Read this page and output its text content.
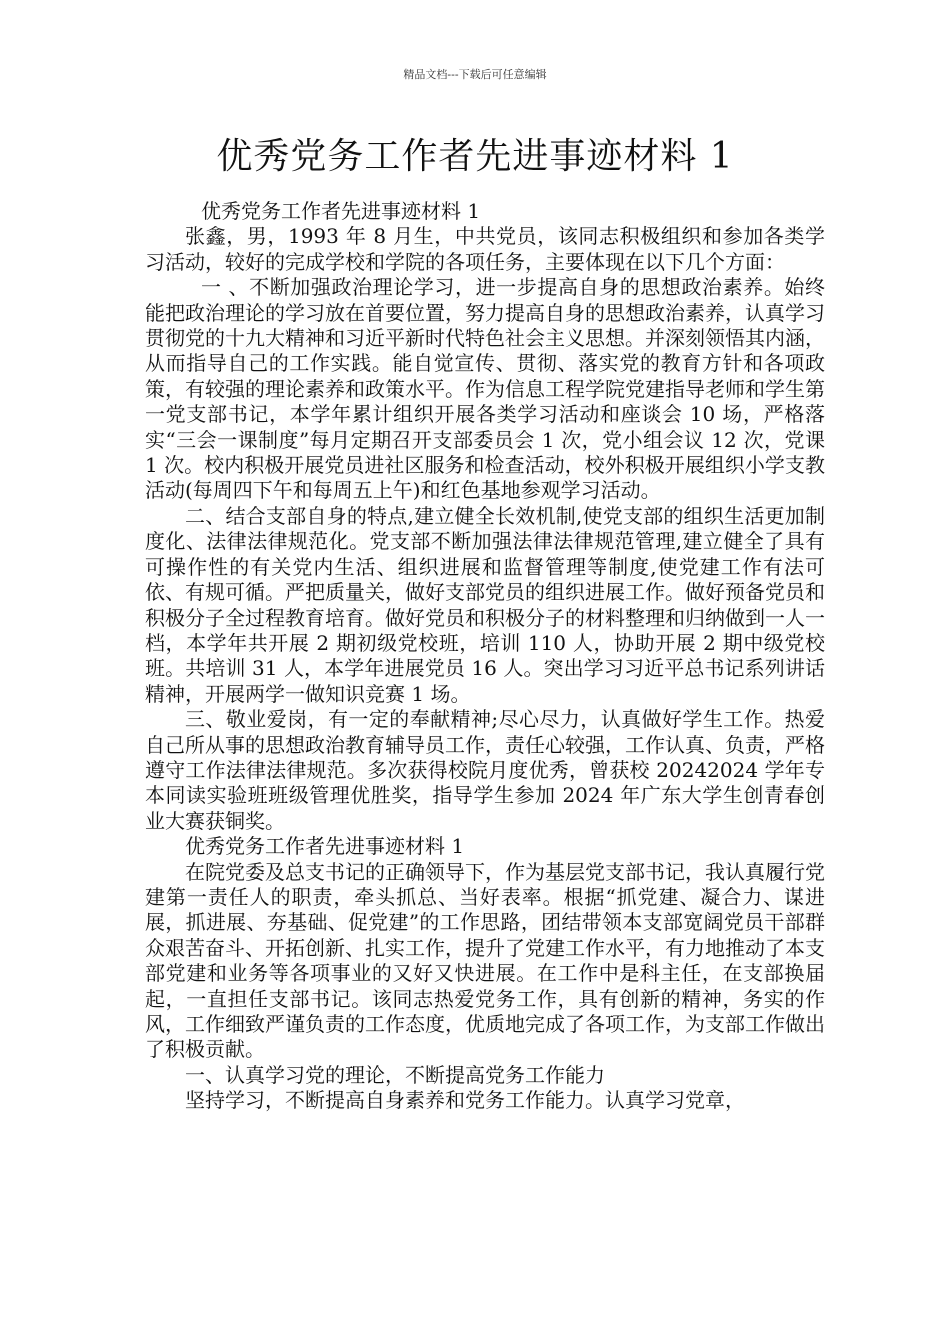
精品文档---下载后可任意编辑
优秀党务工作者先进事迹材料 1

优秀党务工作者先进事迹材料 1

张鑫，男，1993 年 8 月生，中共党员，该同志积极组织和参加各类学习活动，较好的完成学校和学院的各项任务，主要体现在以下几个方面：

一 、不断加强政治理论学习，进一步提高自身的思想政治素养。始终能把政治理论的学习放在首要位置，努力提高自身的思想政治素养，认真学习贯彻党的十九大精神和习近平新时代特色社会主义思想。并深刻领悟其内涵，从而指导自己的工作实践。能自觉宣传、贯彻、落实党的教育方针和各项政策，有较强的理论素养和政策水平。作为信息工程学院党建指导老师和学生第一党支部书记，本学年累计组织开展各类学习活动和座谈会 10 场，严格落实“三会一课制度”每月定期召开支部委员会 1 次，党小组会议 12 次，党课 1 次。校内积极开展党员进社区服务和检查活动，校外积极开展组织小学支教活动(每周四下午和每周五上午)和红色基地参观学习活动。

二、结合支部自身的特点,建立健全长效机制,使党支部的组织生活更加制度化、法律法律规范化。党支部不断加强法律法律规范管理,建立健全了具有可操作性的有关党内生活、组织进展和监督管理等制度,使党建工作有法可依、有规可循。严把质量关，做好支部党员的组织进展工作。做好预备党员和积极分子全过程教育培育。做好党员和积极分子的材料整理和归纳做到一人一档，本学年共开展 2 期初级党校班，培训 110 人，协助开展 2 期中级党校班。共培训 31 人，本学年进展党员 16 人。突出学习习近平总书记系列讲话精神，开展两学一做知识竞赛 1 场。

三、敬业爱岗，有一定的奉献精神;尽心尽力，认真做好学生工作。热爱自己所从事的思想政治教育辅导员工作，责任心较强，工作认真、负责，严格遵守工作法律法律规范。多次获得校院月度优秀，曾获校 20242024 学年专本同读实验班班级管理优胜奖，指导学生参加 2024 年广东大学生创青春创业大赛获铜奖。

优秀党务工作者先进事迹材料 1

在院党委及总支书记的正确领导下，作为基层党支部书记，我认真履行党建第一责任人的职责，牵头抓总、当好表率。根据“抓党建、凝合力、谋进展，抓进展、夯基础、促党建”的工作思路，团结带领本支部宽阔党员干部群众艰苦奋斗、开拓创新、扎实工作，提升了党建工作水平，有力地推动了本支部党建和业务等各项事业的又好又快进展。在工作中是科主任，在支部换届起，一直担任支部书记。该同志热爱党务工作，具有创新的精神，务实的作风，工作细致严谨负责的工作态度，优质地完成了各项工作，为支部工作做出了积极贡献。

一、认真学习党的理论，不断提高党务工作能力

坚持学习，不断提高自身素养和党务工作能力。认真学习党章，
